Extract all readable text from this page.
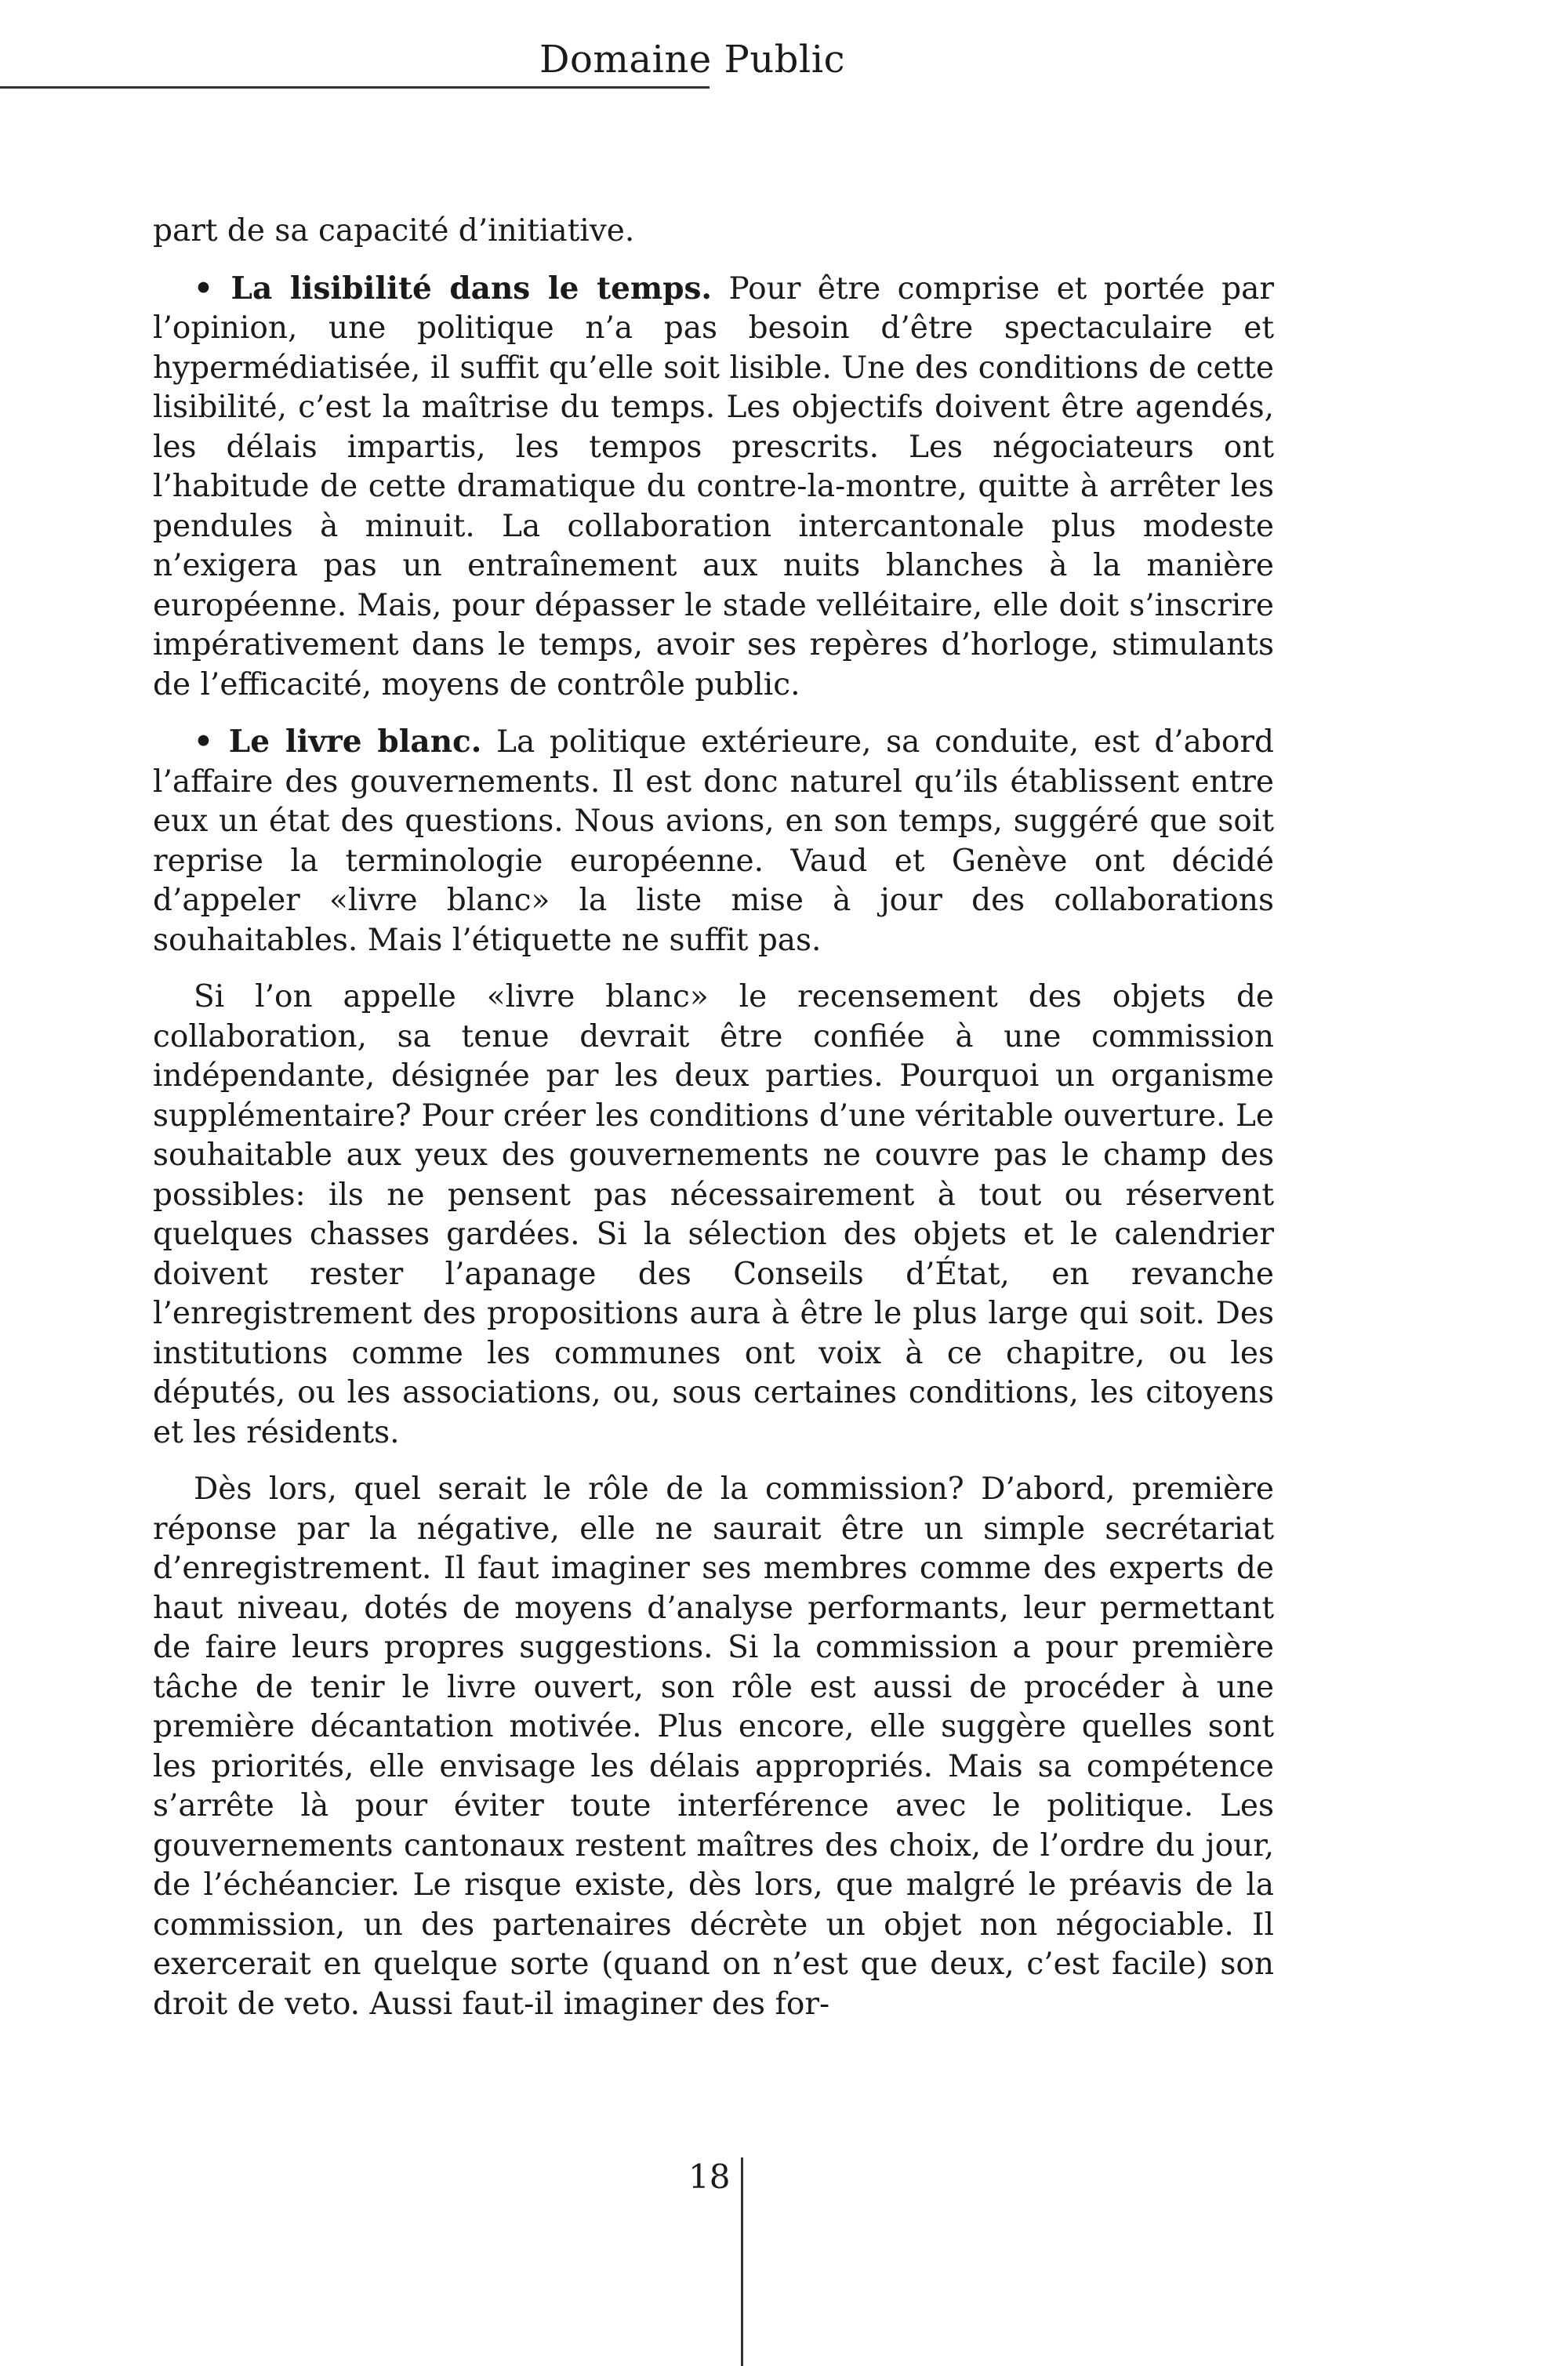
Domaine Public

part de sa capacité d’initiative.

• La lisibilité dans le temps. Pour être comprise et portée par l’opinion, une politique n’a pas besoin d’être spectaculaire et hypermédiatisée, il suffit qu’elle soit lisible. Une des conditions de cette lisibilité, c’est la maîtrise du temps. Les objectifs doivent être agendés, les délais impartis, les tempos prescrits. Les négociateurs ont l’habitude de cette dramatique du contre-la-montre, quitte à arrêter les pendules à minuit. La collaboration intercantonale plus modeste n’exigera pas un entraînement aux nuits blanches à la manière européenne. Mais, pour dépasser le stade velléitaire, elle doit s’inscrire impérativement dans le temps, avoir ses repères d’horloge, stimulants de l’efficacité, moyens de contrôle public.

• Le livre blanc. La politique extérieure, sa conduite, est d’abord l’affaire des gouvernements. Il est donc naturel qu’ils établissent entre eux un état des questions. Nous avions, en son temps, suggéré que soit reprise la terminologie européenne. Vaud et Genève ont décidé d’appeler «livre blanc» la liste mise à jour des collaborations souhaitables. Mais l’étiquette ne suffit pas.

Si l’on appelle «livre blanc» le recensement des objets de collaboration, sa tenue devrait être confiée à une commission indépendante, désignée par les deux parties. Pourquoi un organisme supplémentaire? Pour créer les conditions d’une véritable ouverture. Le souhaitable aux yeux des gouvernements ne couvre pas le champ des possibles: ils ne pensent pas nécessairement à tout ou réservent quelques chasses gardées. Si la sélection des objets et le calendrier doivent rester l’apanage des Conseils d’État, en revanche l’enregistrement des propositions aura à être le plus large qui soit. Des institutions comme les communes ont voix à ce chapitre, ou les députés, ou les associations, ou, sous certaines conditions, les citoyens et les résidents.

Dès lors, quel serait le rôle de la commission? D’abord, première réponse par la négative, elle ne saurait être un simple secrétariat d’enregistrement. Il faut imaginer ses membres comme des experts de haut niveau, dotés de moyens d’analyse performants, leur permettant de faire leurs propres suggestions. Si la commission a pour première tâche de tenir le livre ouvert, son rôle est aussi de procéder à une première décantation motivée. Plus encore, elle suggère quelles sont les priorités, elle envisage les délais appropriés. Mais sa compétence s’arrête là pour éviter toute interférence avec le politique. Les gouvernements cantonaux restent maîtres des choix, de l’ordre du jour, de l’échéancier. Le risque existe, dès lors, que malgré le préavis de la commission, un des partenaires décrète un objet non négociable. Il exercerait en quelque sorte (quand on n’est que deux, c’est facile) son droit de veto. Aussi faut-il imaginer des for-

18
